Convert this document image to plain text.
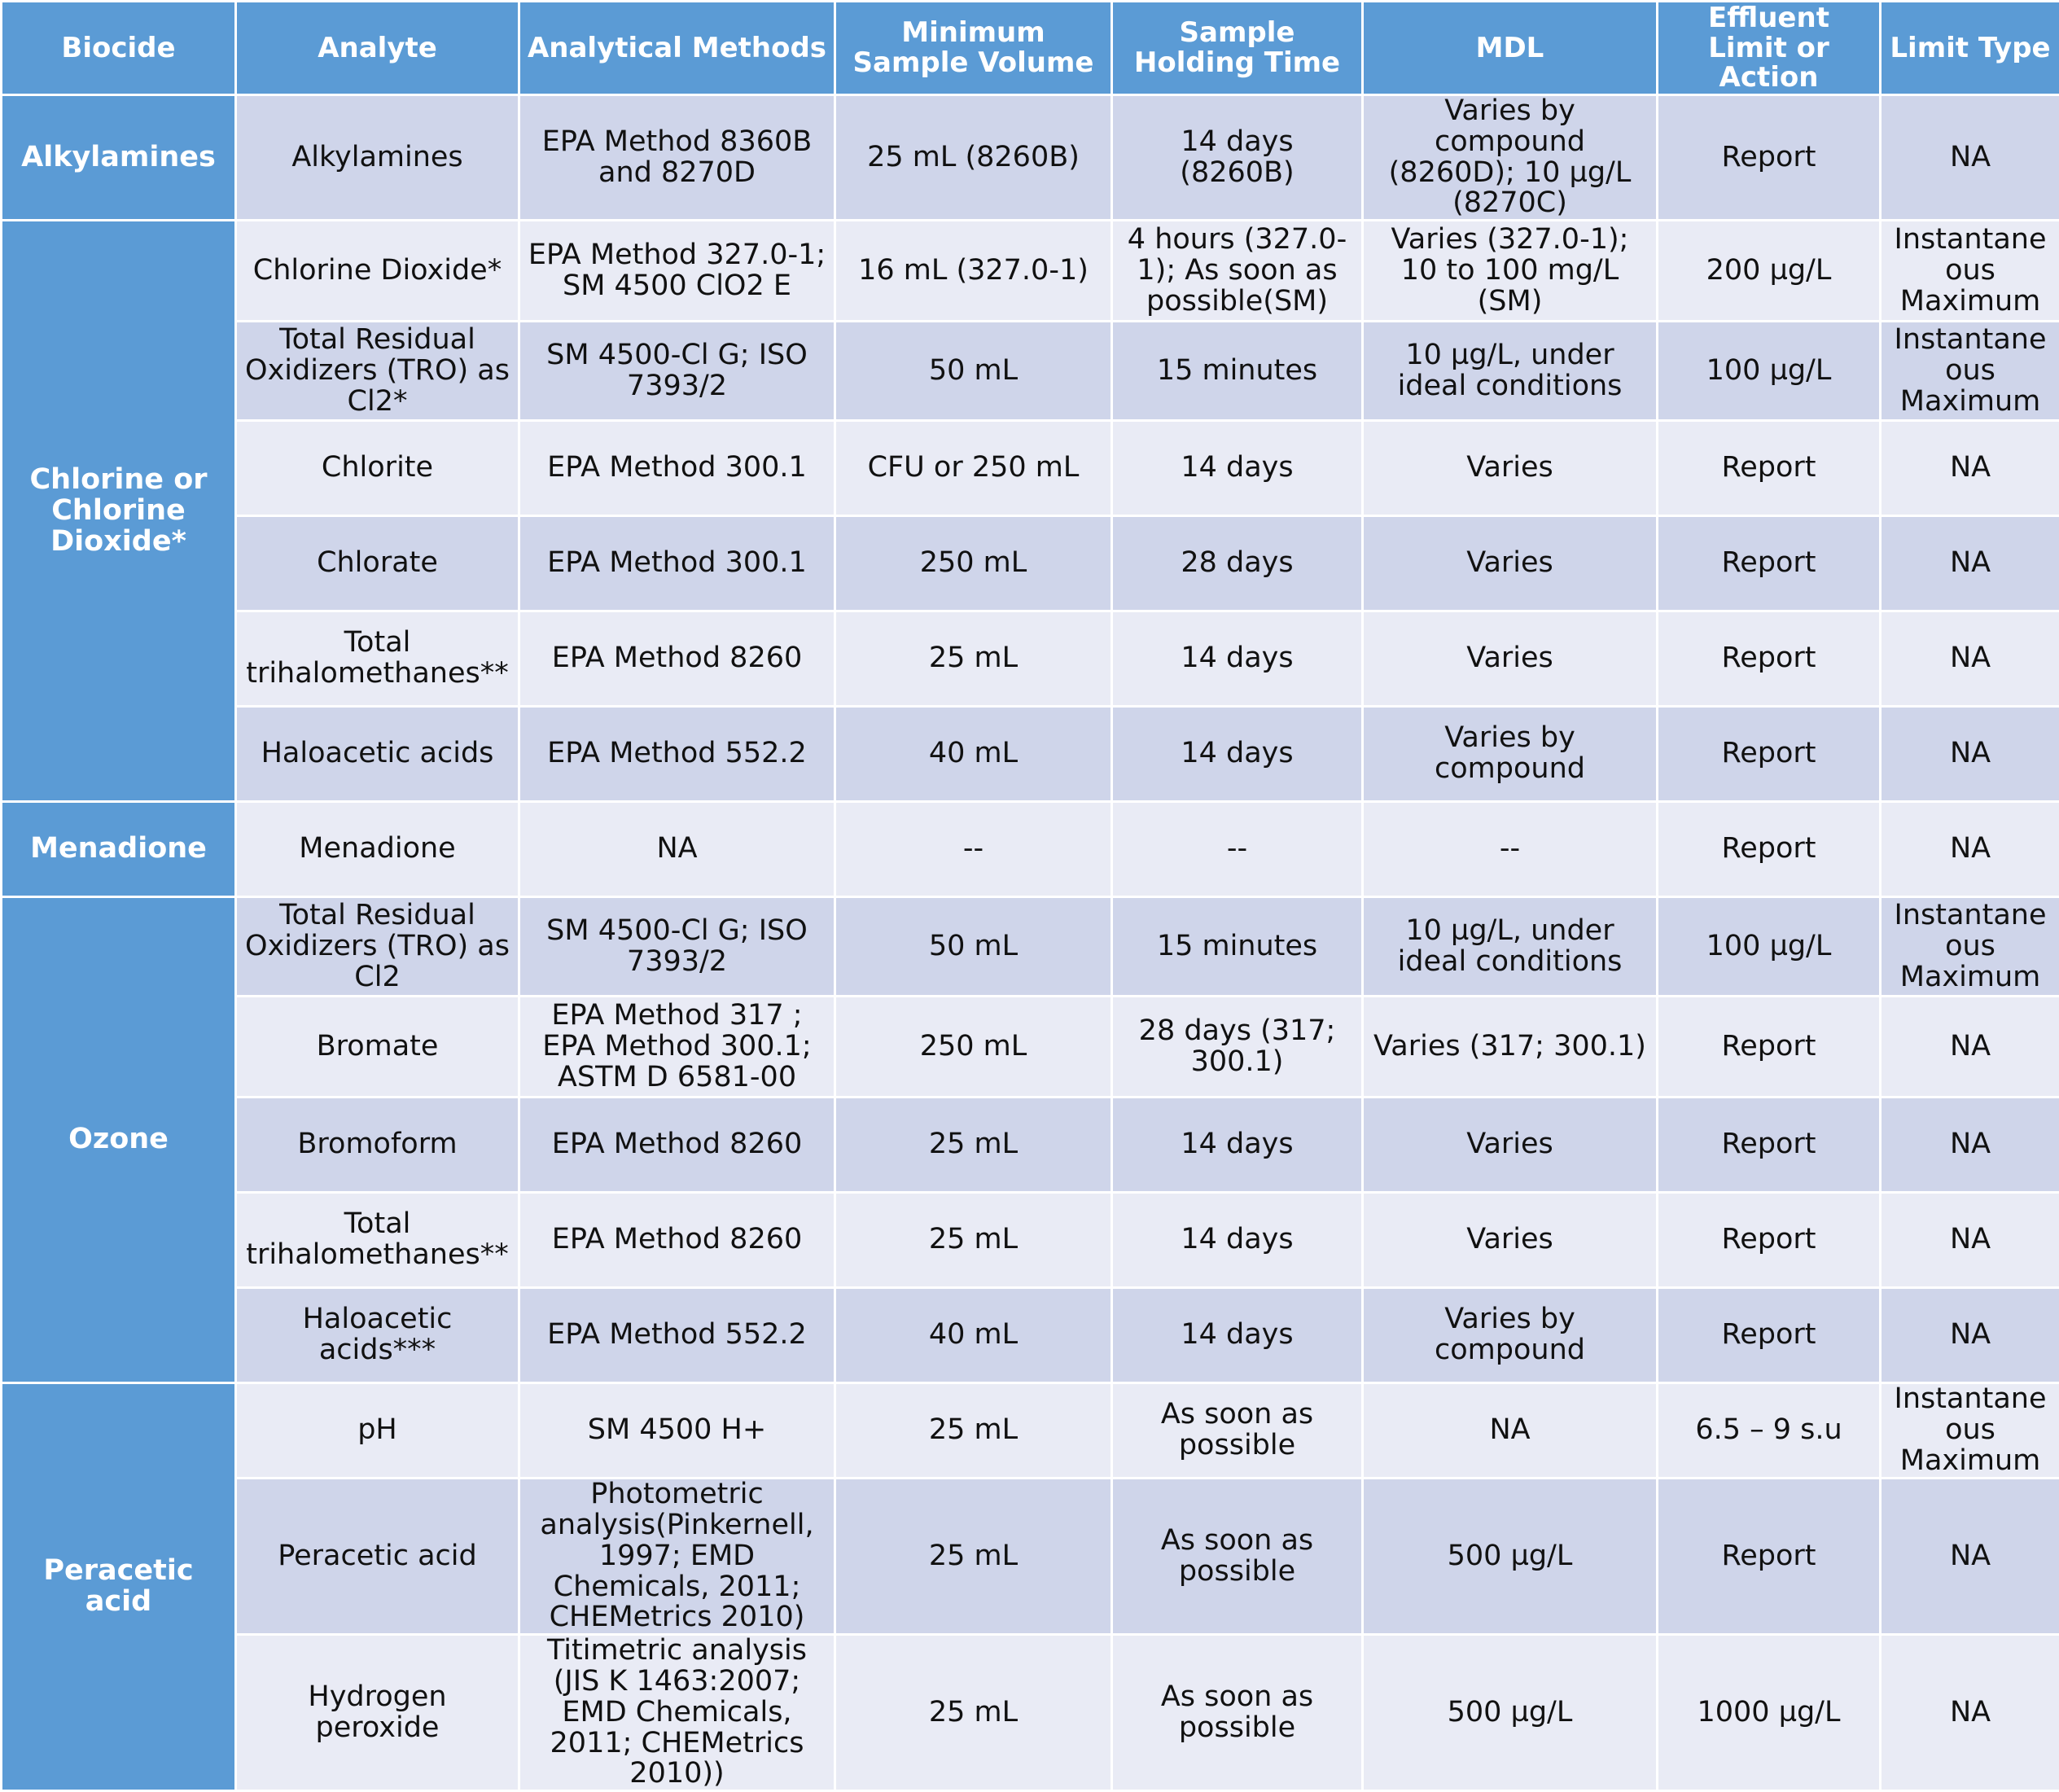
Biocide	Analyte	Analytical Methods	Minimum Sample Volume	Sample Holding Time	MDL	Effluent Limit or Action	Limit Type
Alkylamines	Alkylamines	EPA Method 8360B and 8270D	25 mL (8260B)	14 days (8260B)	Varies by compound (8260D); 10 µg/L (8270C)	Report	NA
Chlorine or Chlorine Dioxide*	Chlorine Dioxide*	EPA Method 327.0-1; SM 4500 ClO2 E	16 mL (327.0-1)	4 hours (327.0-1); As soon as possible(SM)	Varies (327.0-1); 10 to 100 mg/L (SM)	200 µg/L	Instantaneous Maximum
	Total Residual Oxidizers (TRO) as Cl2*	SM 4500-Cl G; ISO 7393/2	50 mL	15 minutes	10 µg/L, under ideal conditions	100 µg/L	Instantaneous Maximum
	Chlorite	EPA Method 300.1	CFU or 250 mL	14 days	Varies	Report	NA
	Chlorate	EPA Method 300.1	250 mL	28 days	Varies	Report	NA
	Total trihalomethanes**	EPA Method 8260	25 mL	14 days	Varies	Report	NA
	Haloacetic acids	EPA Method 552.2	40 mL	14 days	Varies by compound	Report	NA
Menadione	Menadione	NA	--	--	--	Report	NA
Ozone	Total Residual Oxidizers (TRO) as Cl2	SM 4500-Cl G; ISO 7393/2	50 mL	15 minutes	10 µg/L, under ideal conditions	100 µg/L	Instantaneous Maximum
	Bromate	EPA Method 317 ; EPA Method 300.1; ASTM D 6581-00	250 mL	28 days (317; 300.1)	Varies (317; 300.1)	Report	NA
	Bromoform	EPA Method 8260	25 mL	14 days	Varies	Report	NA
	Total trihalomethanes**	EPA Method 8260	25 mL	14 days	Varies	Report	NA
	Haloacetic acids***	EPA Method 552.2	40 mL	14 days	Varies by compound	Report	NA
Peracetic acid	pH	SM 4500 H+	25 mL	As soon as possible	NA	6.5 – 9 s.u	Instantaneous Maximum
	Peracetic acid	Photometric analysis(Pinkernell, 1997; EMD Chemicals, 2011; CHEMetrics 2010)	25 mL	As soon as possible	500 µg/L	Report	NA
	Hydrogen peroxide	Titimetric analysis (JIS K 1463:2007; EMD Chemicals, 2011; CHEMetrics 2010))	25 mL	As soon as possible	500 µg/L	1000 µg/L	NA
